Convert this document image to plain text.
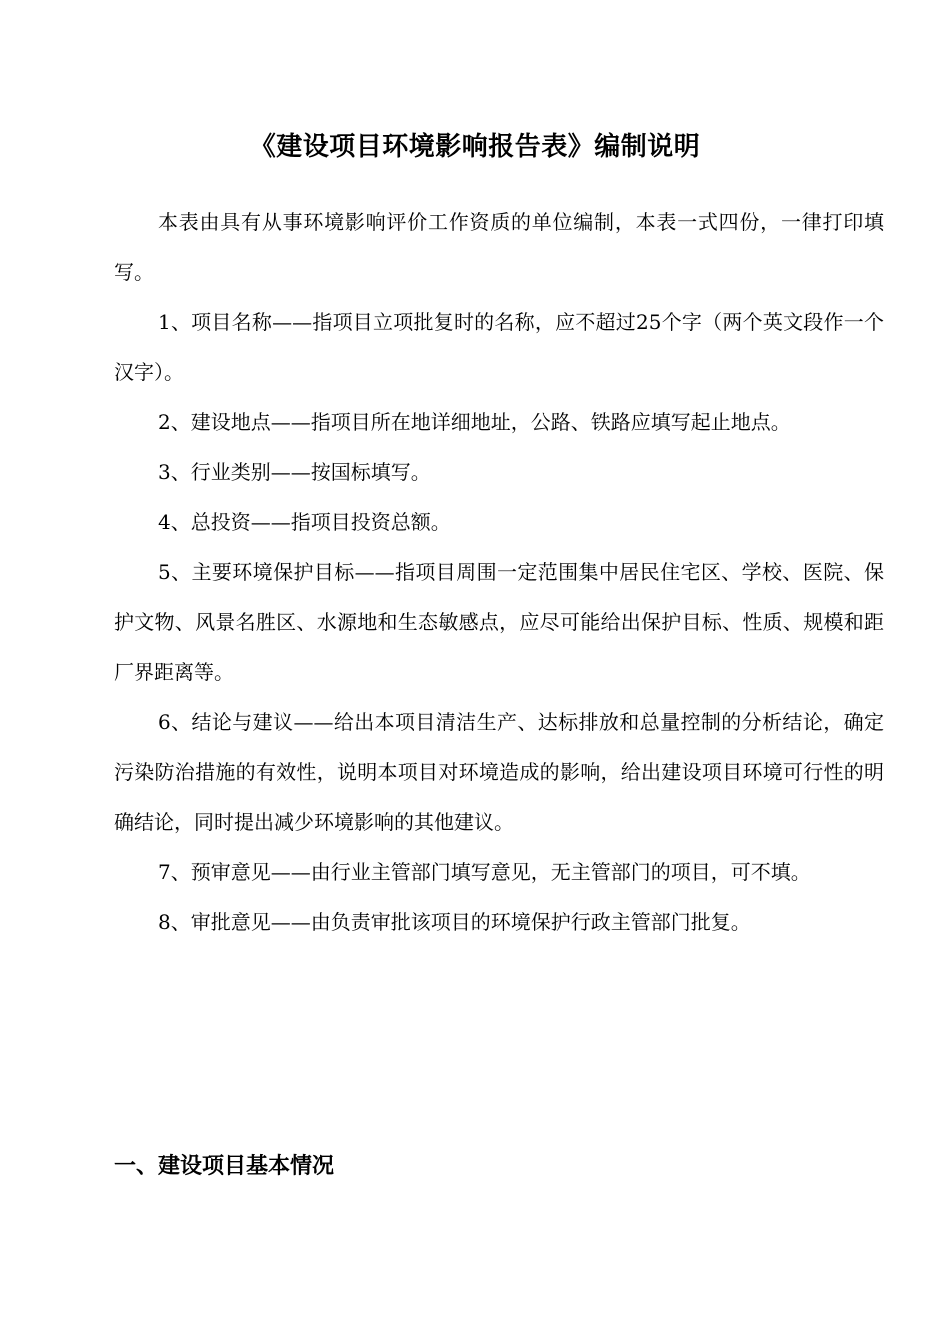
《建设项目环境影响报告表》编制说明

本表由具有从事环境影响评价工作资质的单位编制，本表一式四份，一律打印填写。

1、项目名称——指项目立项批复时的名称，应不超过25个字（两个英文段作一个汉字）。

2、建设地点——指项目所在地详细地址，公路、铁路应填写起止地点。

3、行业类别——按国标填写。

4、总投资——指项目投资总额。

5、主要环境保护目标——指项目周围一定范围集中居民住宅区、学校、医院、保护文物、风景名胜区、水源地和生态敏感点，应尽可能给出保护目标、性质、规模和距厂界距离等。

6、结论与建议——给出本项目清洁生产、达标排放和总量控制的分析结论，确定污染防治措施的有效性，说明本项目对环境造成的影响，给出建设项目环境可行性的明确结论，同时提出减少环境影响的其他建议。

7、预审意见——由行业主管部门填写意见，无主管部门的项目，可不填。

8、审批意见——由负责审批该项目的环境保护行政主管部门批复。

一、建设项目基本情况
